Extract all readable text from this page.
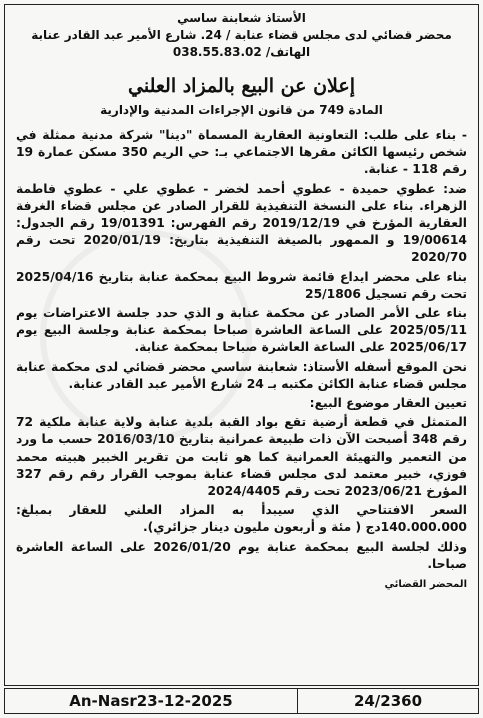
الأستاذ شعابنة ساسي
محضر قضائي لدى مجلس قضاء عنابة / 24. شارع الأمير عبد القادر عنابة
الهاتف/ 038.55.83.02
إعلان عن البيع بالمزاد العلني
المادة 749 من قانون الإجراءات المدنية والإدارية

- بناء على طلب: التعاونية العقارية المسماة "دينا" شركة مدنية ممثلة في شخص رئيسها الكائن مقرها الاجتماعي بـ: حي الريم 350 مسكن عمارة 19 رقم 118 - عنابة.

ضد: عطوي حميدة - عطوي أحمد لخضر - عطوي علي - عطوي فاطمة الزهراء. بناء على النسخة التنفيذية للقرار الصادر عن مجلس قضاء الغرفة العقارية المؤرخ في 2019/12/19 رقم الفهرس: 19/01391 رقم الجدول: 19/00614 و الممهور بالصيغة التنفيذية بتاريخ: 2020/01/19 تحت رقم 2020/70

بناء على محضر ايداع قائمة شروط البيع بمحكمة عنابة بتاريخ 2025/04/16 تحت رقم تسجيل 25/1806

بناء على الأمر الصادر عن محكمة عنابة و الذي حدد جلسة الاعتراضات يوم 2025/05/11 على الساعة العاشرة صباحا بمحكمة عنابة وجلسة البيع يوم 2025/06/17 على الساعة العاشرة صباحا بمحكمة عنابة.

نحن الموقع أسفله الأستاذ: شعابنة ساسي محضر قضائي لدى محكمة عنابة مجلس قضاء عنابة الكائن مكتبه بـ 24 شارع الأمير عبد القادر عنابة.

تعيين العقار موضوع البيع:

المتمثل في قطعة أرضية تقع بواد القبة بلدية عنابة ولاية عنابة ملكية 72 رقم 348 أصبحت الآن ذات طبيعة عمرانية بتاريخ 2016/03/10 حسب ما ورد من التعمير والتهيئة العمرانية كما هو ثابت من تقرير الخبير هبيته محمد فوزي، خبير معتمد لدى مجلس قضاء عنابة بموجب القرار رقم رقم 327 المؤرخ 2023/06/21 تحت رقم 2024/4405

السعر الافتتاحي الذي سيبدأ به المزاد العلني للعقار بمبلغ: 140.000.000دج ( مئة و أربعون مليون دينار جزائري).

وذلك لجلسة البيع بمحكمة عنابة يوم 2026/01/20 على الساعة العاشرة صباحا.

المحضر القضائي
An-Nasr23-12-2025	24/2360
